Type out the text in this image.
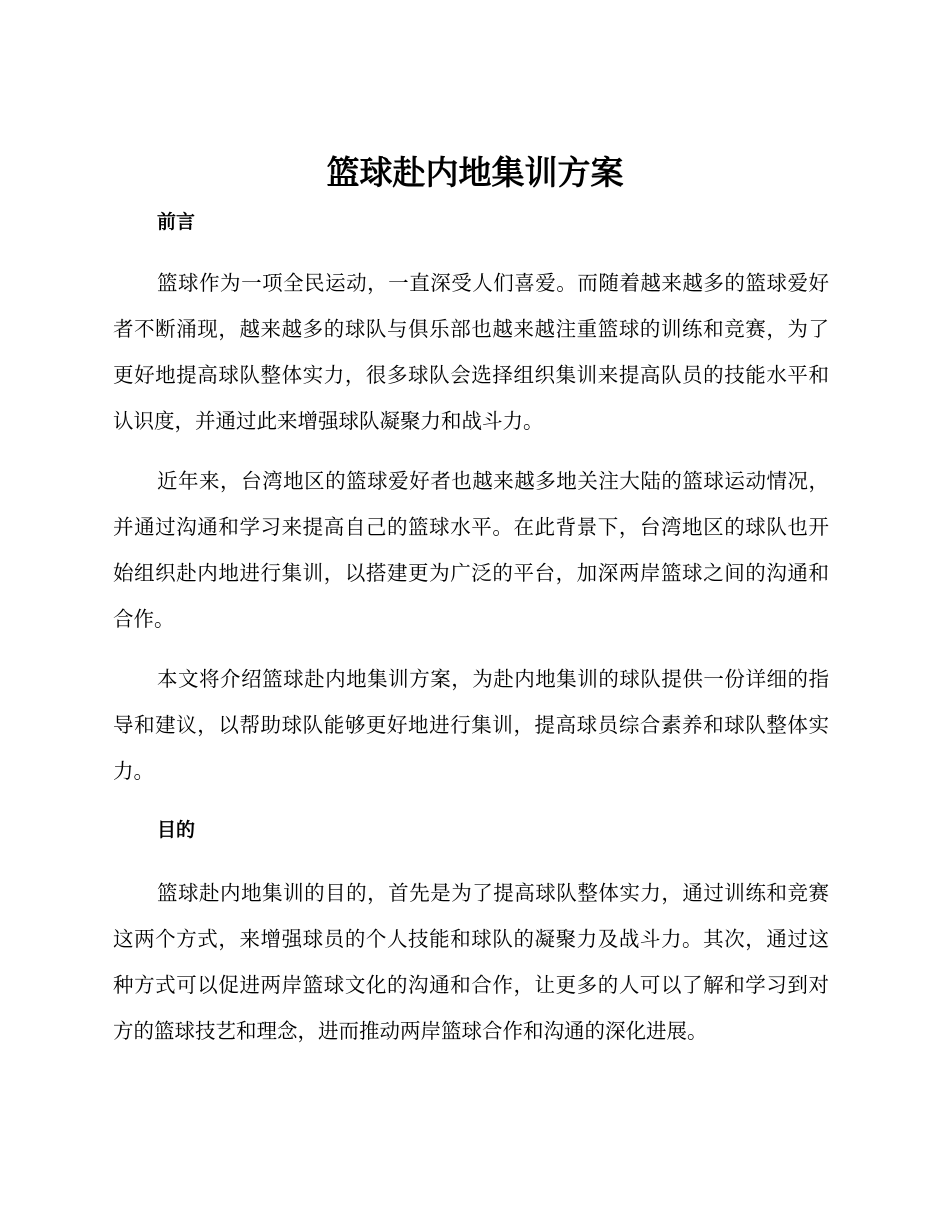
篮球赴内地集训方案
前言

篮球作为一项全民运动，一直深受人们喜爱。而随着越来越多的篮球爱好者不断涌现，越来越多的球队与俱乐部也越来越注重篮球的训练和竞赛，为了更好地提高球队整体实力，很多球队会选择组织集训来提高队员的技能水平和认识度，并通过此来增强球队凝聚力和战斗力。

近年来，台湾地区的篮球爱好者也越来越多地关注大陆的篮球运动情况，并通过沟通和学习来提高自己的篮球水平。在此背景下，台湾地区的球队也开始组织赴内地进行集训，以搭建更为广泛的平台，加深两岸篮球之间的沟通和合作。

本文将介绍篮球赴内地集训方案，为赴内地集训的球队提供一份详细的指导和建议，以帮助球队能够更好地进行集训，提高球员综合素养和球队整体实力。

目的

篮球赴内地集训的目的，首先是为了提高球队整体实力，通过训练和竞赛这两个方式，来增强球员的个人技能和球队的凝聚力及战斗力。其次，通过这种方式可以促进两岸篮球文化的沟通和合作，让更多的人可以了解和学习到对方的篮球技艺和理念，进而推动两岸篮球合作和沟通的深化进展。
